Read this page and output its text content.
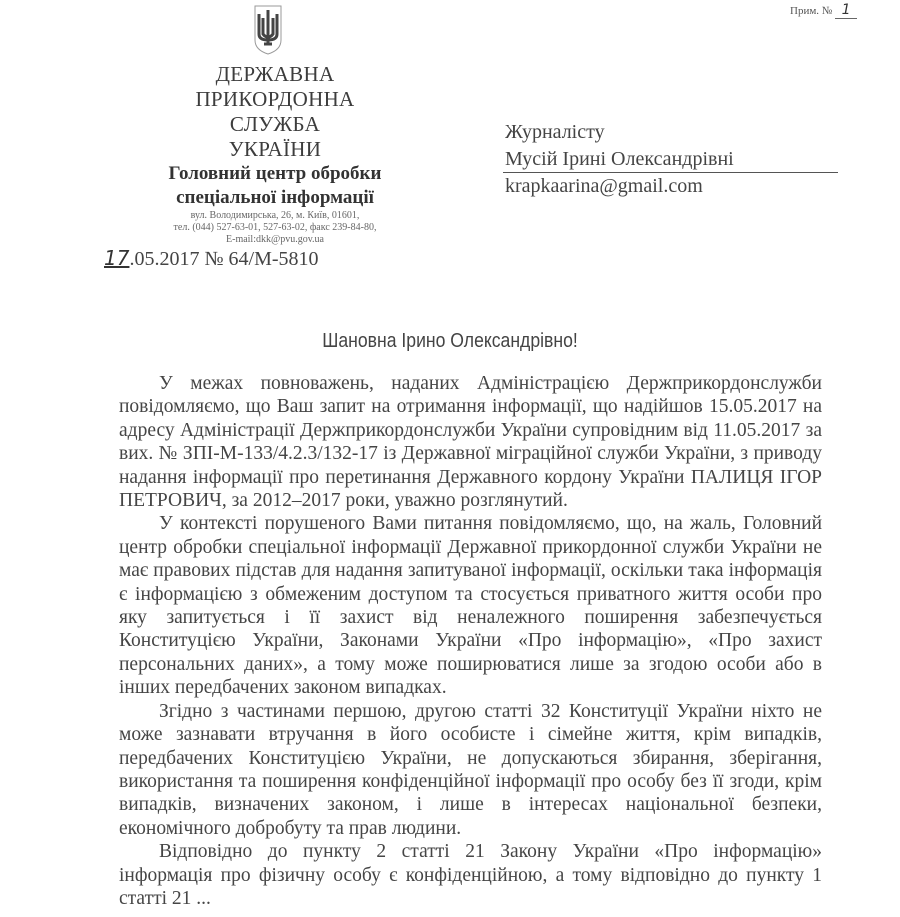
Прим. № 1
ДЕРЖАВНА
ПРИКОРДОННА СЛУЖБА
УКРАЇНИ
Головний центр обробки
спеціальної інформації
вул. Володимирська, 26, м. Київ, 01601,
тел. (044) 527-63-01, 527-63-02, факс 239-84-80,
E-mail:dkk@pvu.gov.ua
17.05.2017 № 64/М-5810
Журналісту
Мусій Ірині Олександрівні
krapkaarina@gmail.com
Шановна Ірино Олександрівно!

У межах повноважень, наданих Адміністрацією Держприкордонслужби повідомляємо, що Ваш запит на отримання інформації, що надійшов 15.05.2017 на адресу Адміністрації Держприкордонслужби України супровідним від 11.05.2017 за вих. № ЗПІ-М-133/4.2.3/132-17 із Державної міграційної служби України, з приводу надання інформації про перетинання Державного кордону України ПАЛИЦЯ ІГОР ПЕТРОВИЧ, за 2012–2017 роки, уважно розглянутий.

У контексті порушеного Вами питання повідомляємо, що, на жаль, Головний центр обробки спеціальної інформації Державної прикордонної служби України не має правових підстав для надання запитуваної інформації, оскільки така інформація є інформацією з обмеженим доступом та стосується приватного життя особи про яку запитується і її захист від неналежного поширення забезпечується Конституцією України, Законами України «Про інформацію», «Про захист персональних даних», а тому може поширюватися лише за згодою особи або в інших передбачених законом випадках.

Згідно з частинами першою, другою статті 32 Конституції України ніхто не може зазнавати втручання в його особисте і сімейне життя, крім випадків, передбачених Конституцією України, не допускаються збирання, зберігання, використання та поширення конфіденційної інформації про особу без її згоди, крім випадків, визначених законом, і лише в інтересах національної безпеки, економічного добробуту та прав людини.

Відповідно до пункту 2 статті 21 Закону України «Про інформацію» інформація про фізичну особу є конфіденційною, а тому відповідно до пункту 1 статті 21 ...
